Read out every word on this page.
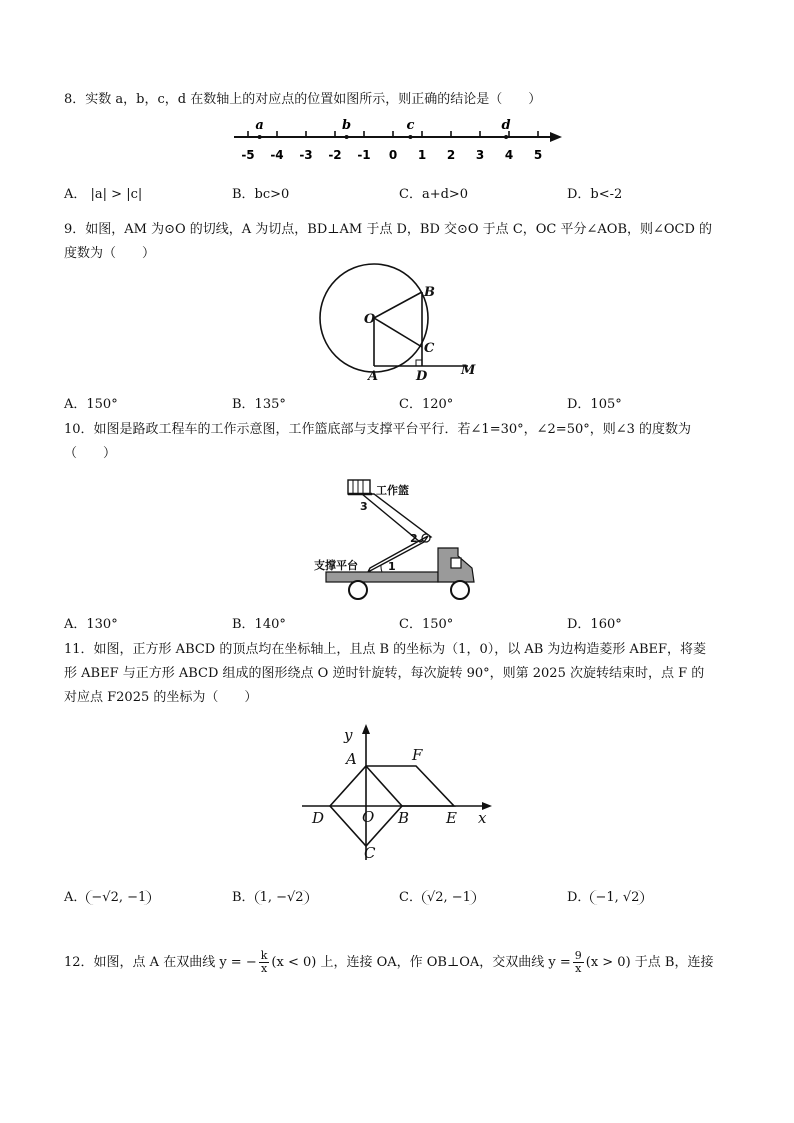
8．实数 a，b，c，d 在数轴上的对应点的位置如图所示，则正确的结论是（　　）
-5 -4 -3 -2 -1 0 1 2 3 4 5
a	b	c	d
A． |a| > |c|	B．bc>0	C．a+d>0	D．b<-2
9．如图，AM 为⊙O 的切线，A 为切点，BD⊥AM 于点 D，BD 交⊙O 于点 C，OC 平分∠AOB，则∠OCD 的
度数为（　　）
O
B
C
A	D	M
A．150°	B．135°	C．120°	D．105°
10．如图是路政工程车的工作示意图，工作篮底部与支撑平台平行．若∠1=30°，∠2=50°，则∠3 的度数为
（　　）
工作篮
支撑平台	1
2
3
A．130°	B．140°	C．150°	D．160°
11．如图，正方形 ABCD 的顶点均在坐标轴上，且点 B 的坐标为（1，0），以 AB 为边构造菱形 ABEF，将菱
形 ABEF 与正方形 ABCD 组成的图形绕点 O 逆时针旋转，每次旋转 90°，则第 2025 次旋转结束时，点 F 的
对应点 F2025 的坐标为（　　）
y
A	F
D	O B E x
C
A． −√2, −1	B． 1, −√2	C． √2, −1	D． −1, √2
12．如图，点 A 在双曲线 y = − $\frac{k}{x} (x < 0)$ 上，连接 OA，作 OB⊥OA，交双曲线 $y = \frac{9}{x} (x > 0)$ 于点 B，连接
